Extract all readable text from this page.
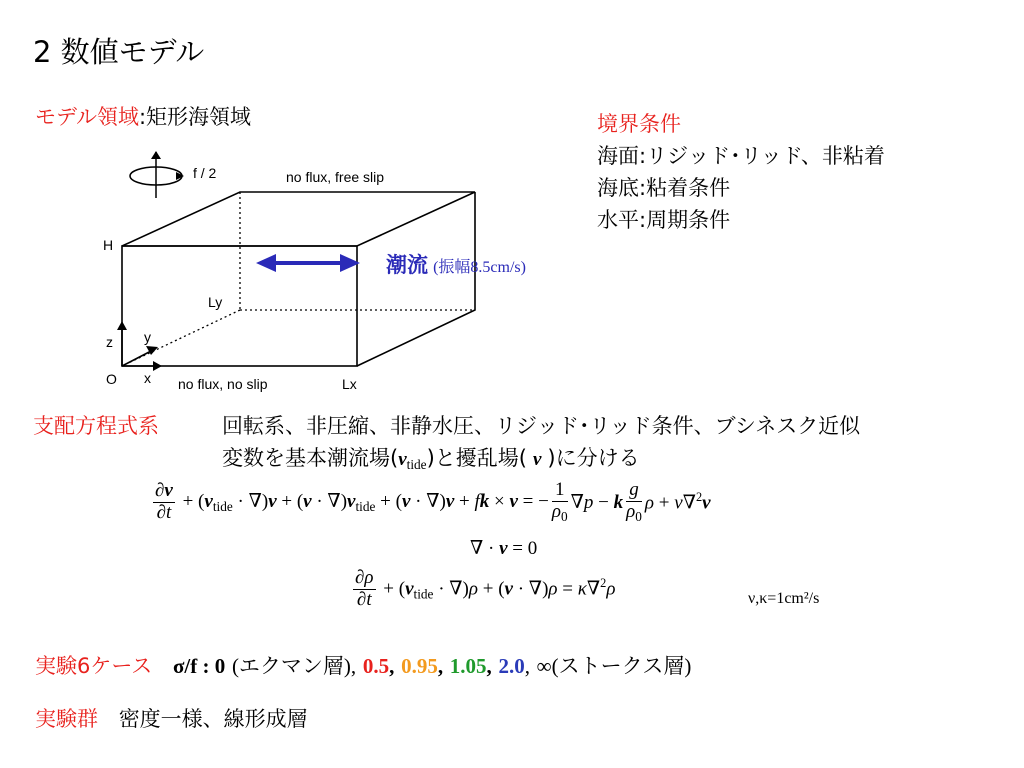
2 数値モデル
モデル領域:矩形海領域	境界条件
海面:リジッド･リッド、非粘着
海底:粘着条件
水平:周期条件
f / 2	no flux, free slip
H
Ly
Lx
O x
y
z
no flux, no slip
潮流 (振幅8.5cm/s)
支配方程式系	回転系、非圧縮、非静水圧、リジッド･リッド条件、ブシネスク近似
変数を基本潮流場$(v_{tide})$と擾乱場( v )に分ける
$\frac{\partial v}{\partial t} + (v_{tide} \cdot \nabla)v + (v \cdot \nabla)v_{tide} + (v \cdot \nabla)v$ + fk × v = − $\frac{1}{\rho_0} \nabla p - k \frac{g}{\rho_0}$ ρ + ν∇$^2$v
∇ · v = 0
$\frac{\partial\rho}{\partial t} + (v_{tide} \cdot \nabla)\rho + (v \cdot \nabla)\rho = \kappa\nabla^2\rho$	ν,κ=1cm²/s
実験6ケース σ/f : 0 (エクマン層), 0.5, 0.95, 1.05, 2.0, ∞(ストークス層)
実験群 密度一様、線形成層
